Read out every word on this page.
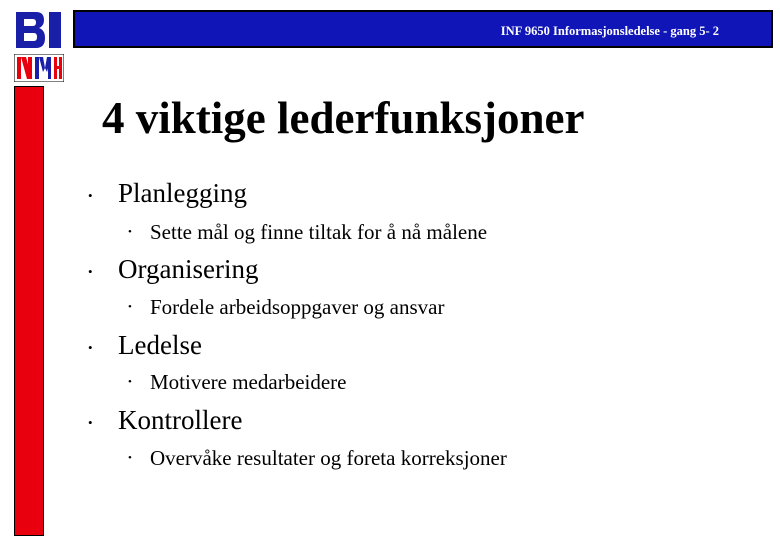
INF 9650 Informasjonsledelse - gang 5- 2
4 viktige lederfunksjoner
• Planlegging
• Sette mål og finne tiltak for å nå målene
• Organisering
• Fordele arbeidsoppgaver og ansvar
• Ledelse
• Motivere medarbeidere
• Kontrollere
• Overvåke resultater og foreta korreksjoner
